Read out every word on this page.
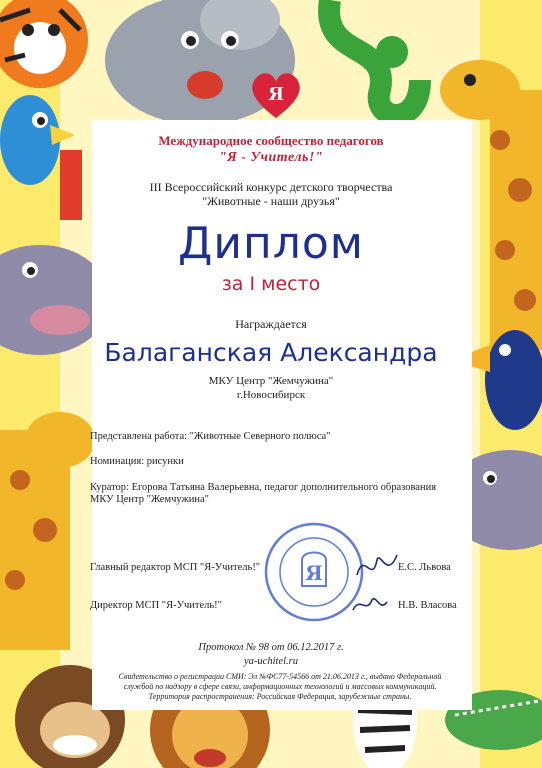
Я
Международное сообщество педагогов
"Я - Учитель!"
III Всероссийский конкурс детского творчества
"Животные - наши друзья"
Диплом
за I место
Награждается
Балаганская Александра
МКУ Центр "Жемчужина"
г.Новосибирск
Представлена работа: "Животные Северного полюса"
Номинация: рисунки
Куратор: Егорова Татьяна Валерьевна, педагог дополнительного образования
МКУ Центр "Жемчужина"
Я
Главный редактор МСП "Я-Учитель!"	Е.С. Львова
Директор МСП "Я-Учитель!"	Н.В. Власова
Протокол № 98 от 06.12.2017 г.
ya-uchitel.ru
Свидетельство о регистрации СМИ: Эл №ФС77-54566 от 21.06.2013 г., выдано Федеральной службой по надзору в сфере связи, информационных технологий и массовых коммуникаций. Территория распространения: Российская Федерация, зарубежные страны.
